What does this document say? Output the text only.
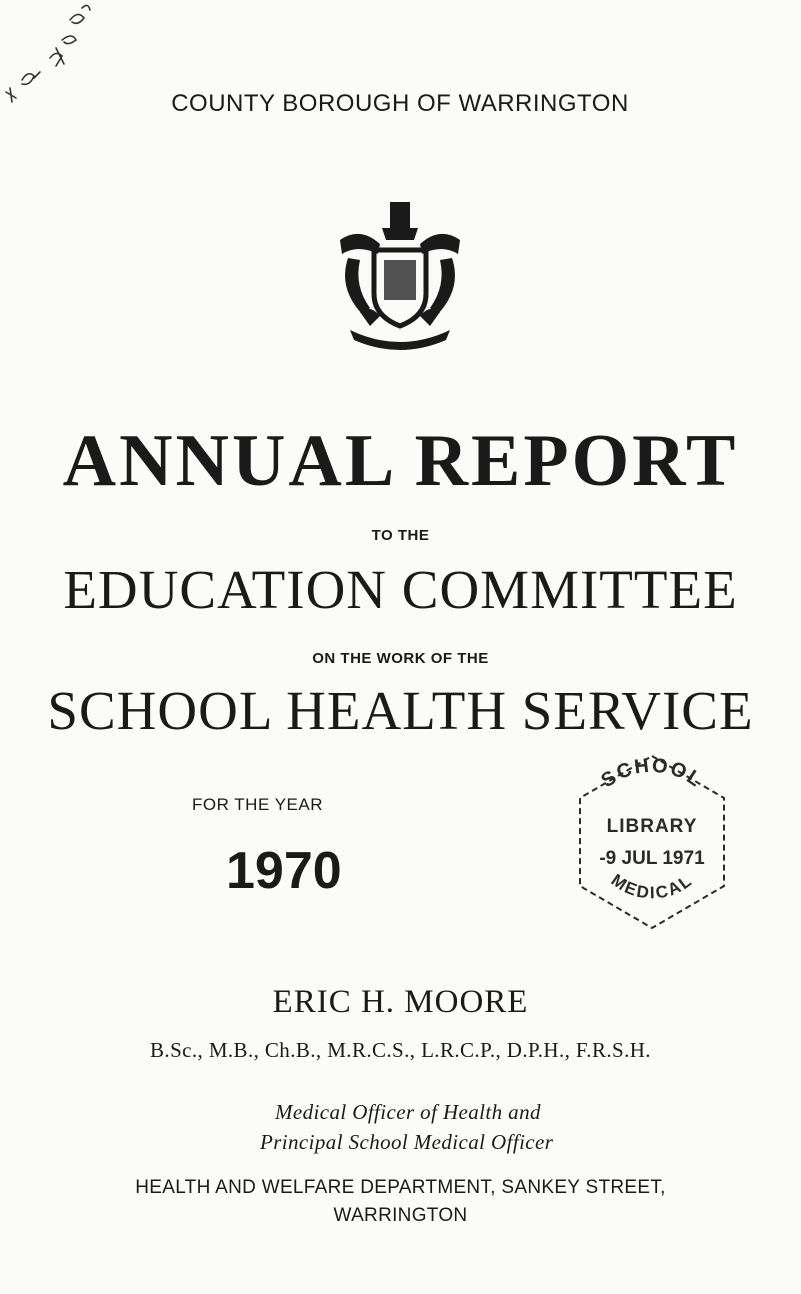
COUNTY BOROUGH OF WARRINGTON
ANNUAL REPORT
TO THE
EDUCATION COMMITTEE
ON THE WORK OF THE
SCHOOL HEALTH SERVICE
FOR THE YEAR
1970
SCHOOL
LIBRARY
-9 JUL 1971
MEDICAL
ERIC H. MOORE
B.Sc., M.B., Ch.B., M.R.C.S., L.R.C.P., D.P.H., F.R.S.H.
Medical Officer of Health and
Principal School Medical Officer
HEALTH AND WELFARE DEPARTMENT, SANKEY STREET,
WARRINGTON
